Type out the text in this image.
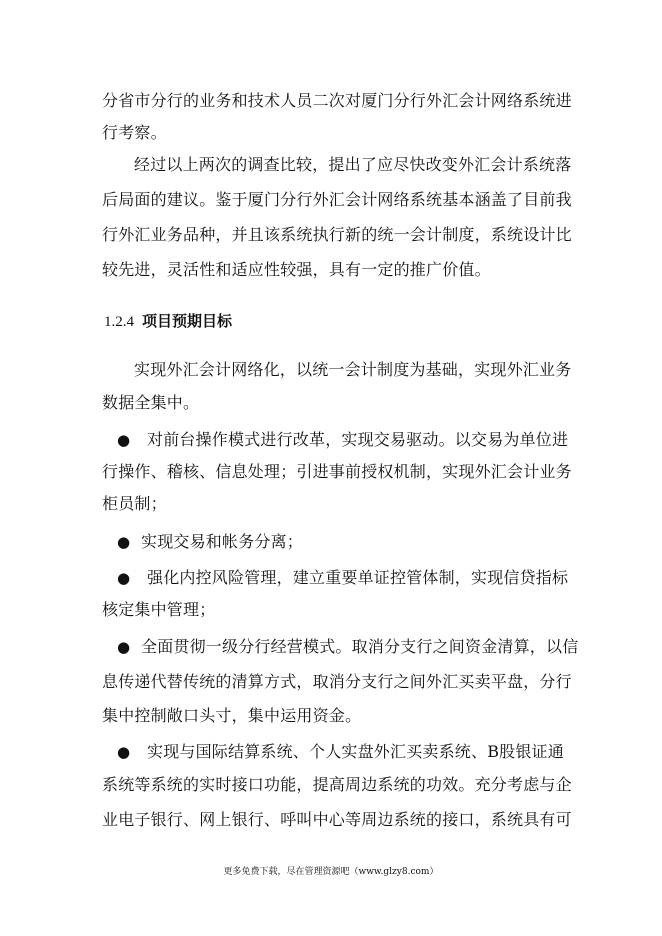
分省市分行的业务和技术人员二次对厦门分行外汇会计网络系统进
行考察。
经过以上两次的调查比较，提出了应尽快改变外汇会计系统落
后局面的建议。鉴于厦门分行外汇会计网络系统基本涵盖了目前我
行外汇业务品种，并且该系统执行新的统一会计制度，系统设计比
较先进，灵活性和适应性较强，具有一定的推广价值。
1.2.4 项目预期目标
实现外汇会计网络化，以统一会计制度为基础，实现外汇业务
数据全集中。
● 对前台操作模式进行改革，实现交易驱动。以交易为单位进
行操作、稽核、信息处理；引进事前授权机制，实现外汇会计业务
柜员制；
● 实现交易和帐务分离；
● 强化内控风险管理，建立重要单证控管体制，实现信贷指标
核定集中管理；
● 全面贯彻一级分行经营模式。取消分支行之间资金清算，以信
息传递代替传统的清算方式，取消分支行之间外汇买卖平盘，分行
集中控制敞口头寸，集中运用资金。
● 实现与国际结算系统、个人实盘外汇买卖系统、B股银证通
系统等系统的实时接口功能，提高周边系统的功效。充分考虑与企
业电子银行、网上银行、呼叫中心等周边系统的接口，系统具有可
更多免费下载，尽在管理资源吧（www.glzy8.com）
